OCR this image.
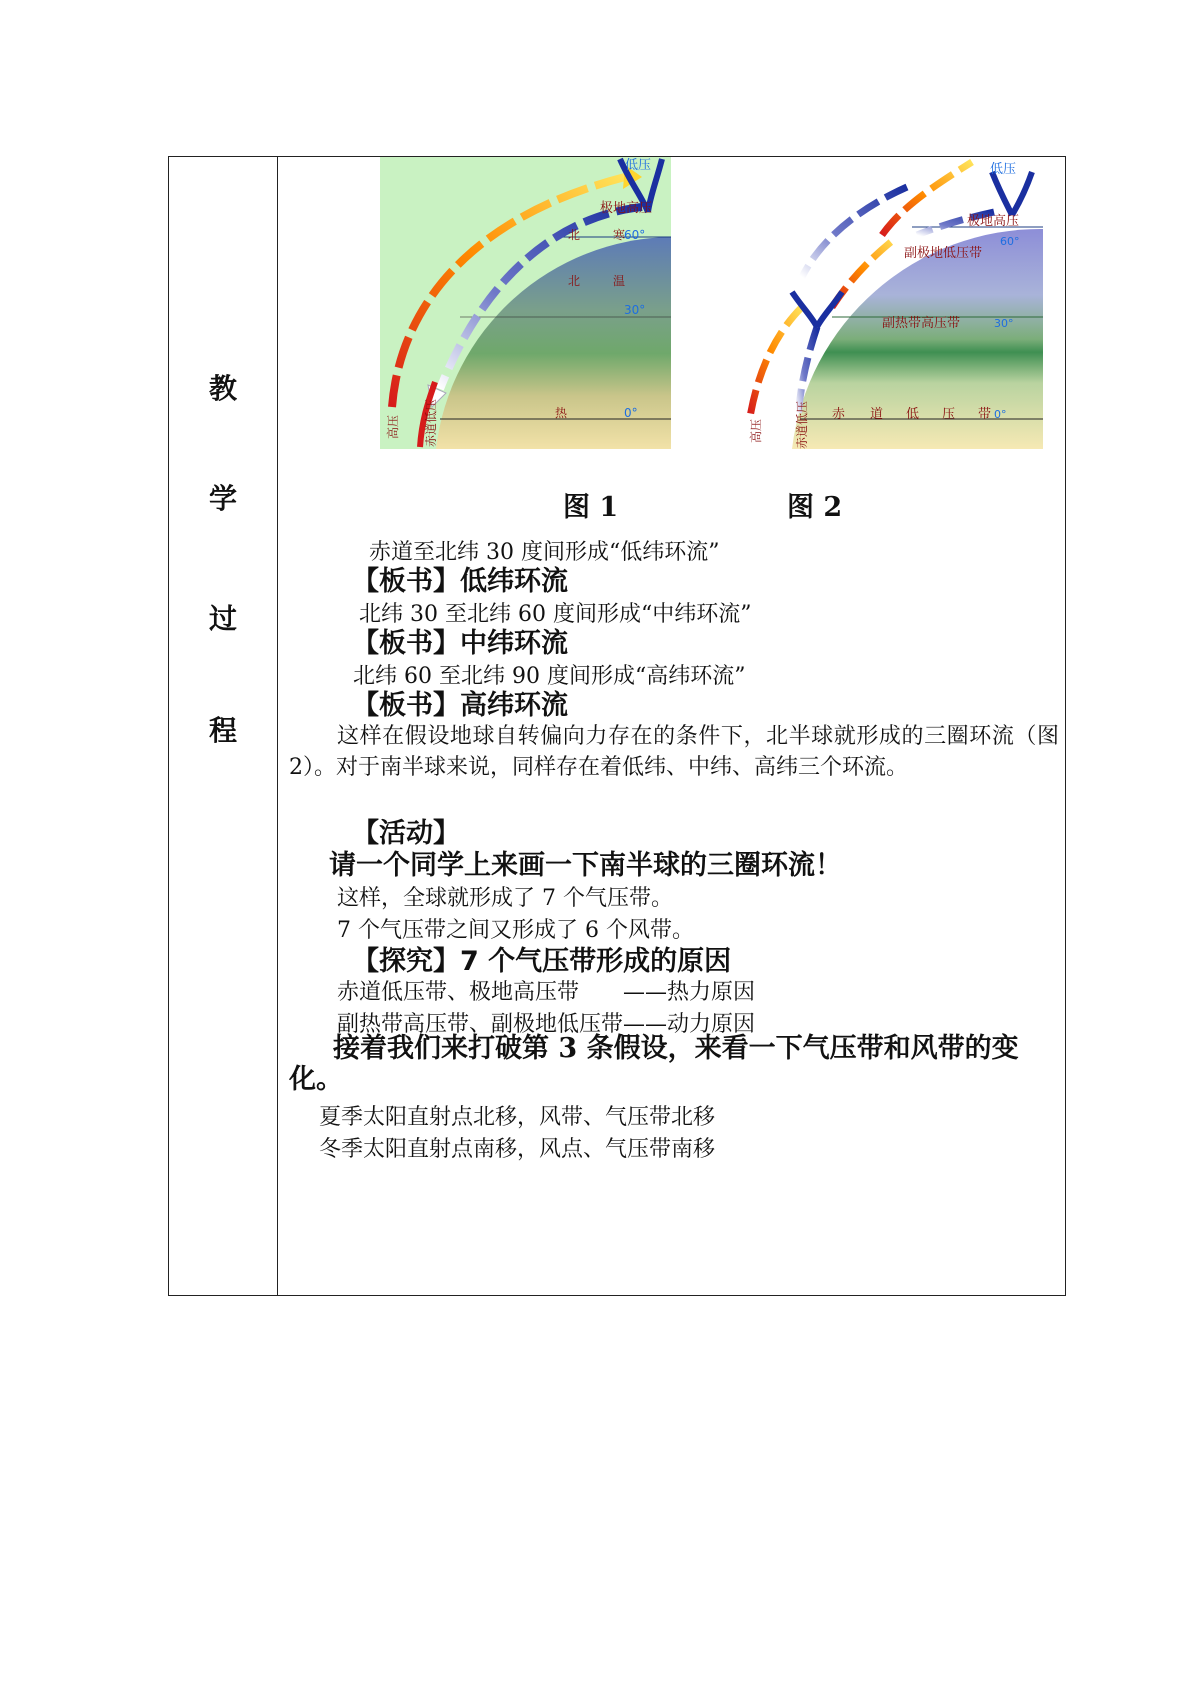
教
学
过
程
低压
极地高压
北	寒
60°
北	温
30°
热	0°
高压 赤道低压
低压
极地高压
60°
副极地低压带
副热带高压带	30°
赤 道 低 压 带 0°
高压	赤道低压
图 1	图 2
赤道至北纬 30 度间形成“低纬环流”
【板书】低纬环流
北纬 30 至北纬 60 度间形成“中纬环流”
【板书】中纬环流
北纬 60 至北纬 90 度间形成“高纬环流”
【板书】高纬环流
这样在假设地球自转偏向力存在的条件下，北半球就形成的三圈环流（图 2）。对于南半球来说，同样存在着低纬、中纬、高纬三个环流。
【活动】
请一个同学上来画一下南半球的三圈环流！
这样，全球就形成了 7 个气压带。
7 个气压带之间又形成了 6 个风带。
【探究】7 个气压带形成的原因
赤道低压带、极地高压带　　——热力原因
副热带高压带、副极地低压带——动力原因
接着我们来打破第 3 条假设，来看一下气压带和风带的变化。
夏季太阳直射点北移，风带、气压带北移
冬季太阳直射点南移，风点、气压带南移
